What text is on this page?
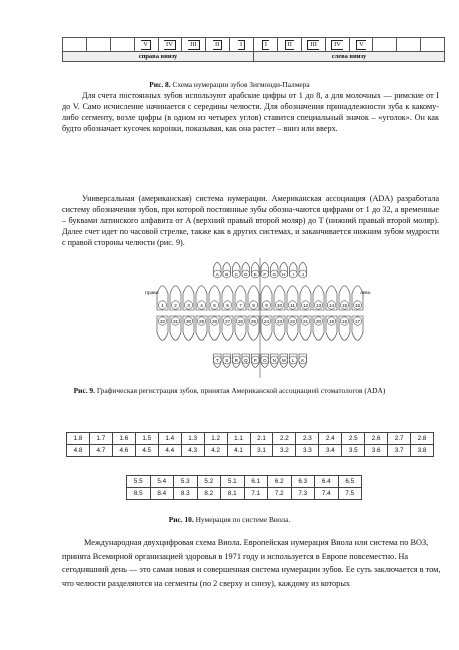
			V	IV	III	II	I	I	II	III	IV	V			
справа внизу								слева внизу							
Рис. 8. Схема нумерации зубов Зигмонди-Палмера

Для счета постоянных зубов используют арабские цифры от 1 до 8, а для молочных — римские от I до V. Само исчисление начинается с середины челюсти. Для обозначения принадлежности зуба к какому-либо сегменту, возле цифры (в одном из четырех углов) ставится специальный значок – «уголок». Он как будто обозначает кусочек коронки, показывая, как она растет – вниз или вверх.

Универсальная (американская) система нумерации. Американская ассоциация (ADA) разработала систему обозначения зубов, при которой постоянные зубы обозна-чаются цифрами от 1 до 32, а временные – буквами латинского алфавита от A (верхний правый второй моляр) до T (нижний правый второй моляр). Далее счет идет по часовой стрелке, также как в других системах, и заканчивается нижним зубом мудрости с правой стороны челюсти (рис. 9).

право	лево
A B C D E F G H I J
1 2 3 4 5 6 7 8 9 10 11 12 13 14 15 16
32 31 30 29 28 27 26 25 24 23 22 21 20 19 18 17
T S R Q P O N M L K
Рис. 9. Графическая регистрация зубов, принятая Американской ассоциацией стоматологов (ADA)
1.8	1.7	1.6	1.5	1.4	1.3	1.2	1.1	2.1	2.2	2.3	2.4	2.5	2.6	2.7	2.8
4.8	4.7	4.6	4.5	4.4	4.3	4.2	4.1	3.1	3.2	3.3	3.4	3.5	3.6	3.7	3.8
5.5	5.4	5.3	5.2	5.1	6.1	6.2	6.3	6.4	6.5
8.5	8.4	8.3	8.2	8.1	7.1	7.2	7.3	7.4	7.5
Рис. 10. Нумерация по системе Виола.

Международная двухцифровая схема Виола. Европейская нумерация Виола или система по ВОЗ, принята Всемирной организацией здоровья в 1971 году и используется в Европе повсеместно. На сегодняшний день — это самая новая и совершенная система нумерации зубов. Ее суть заключается в том, что челюсти разделяются на сегменты (по 2 сверху и снизу), каждому из которых
